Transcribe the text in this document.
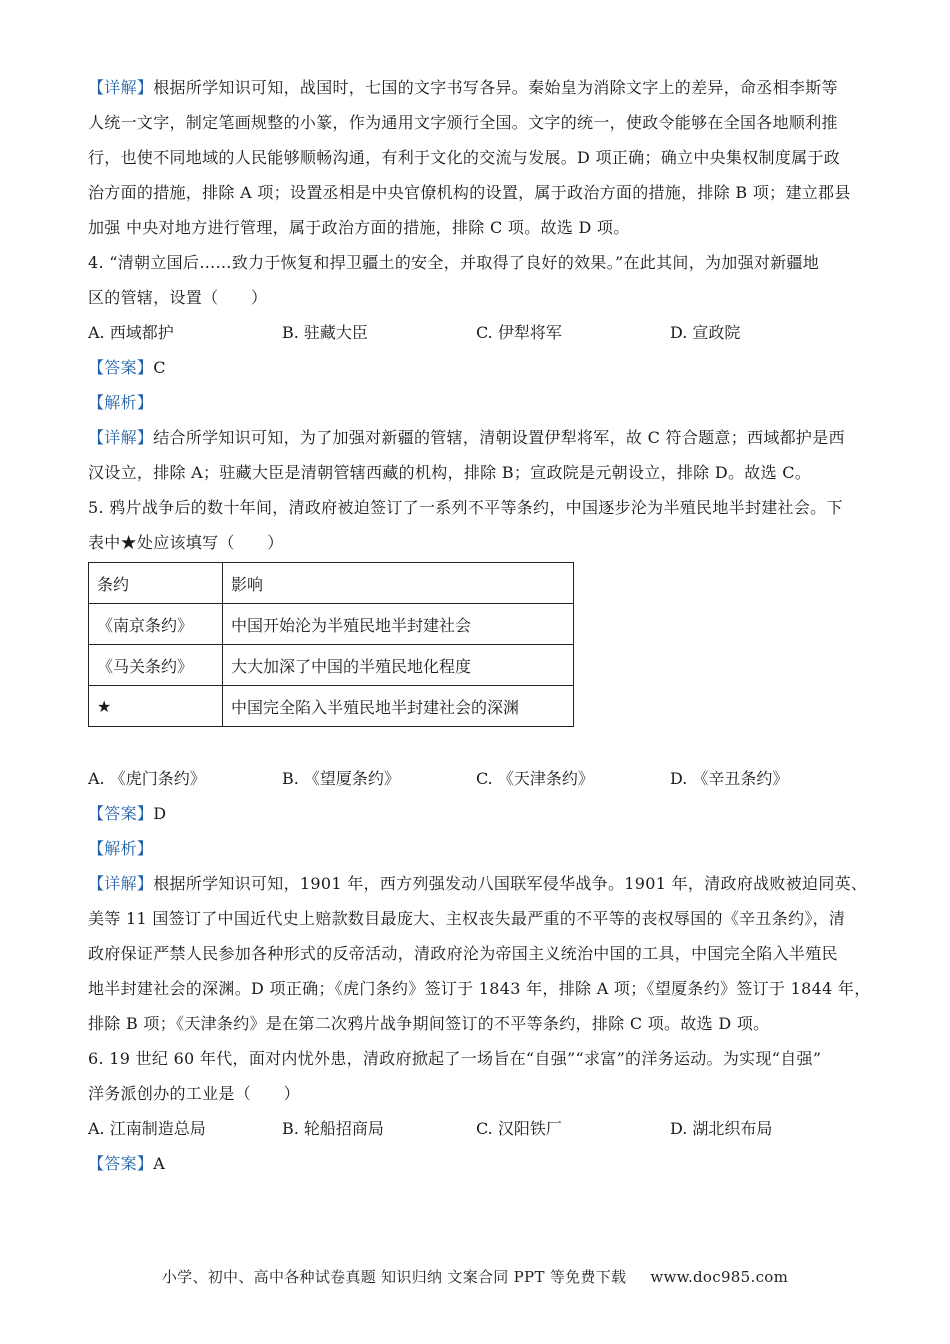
【详解】根据所学知识可知，战国时，七国的文字书写各异。秦始皇为消除文字上的差异，命丞相李斯等
人统一文字，制定笔画规整的小篆，作为通用文字颁行全国。文字的统一，使政令能够在全国各地顺利推
行，也使不同地域的人民能够顺畅沟通，有利于文化的交流与发展。D 项正确；确立中央集权制度属于政
治方面的措施，排除 A 项；设置丞相是中央官僚机构的设置，属于政治方面的措施，排除 B 项；建立郡县
加强 中央对地方进行管理，属于政治方面的措施，排除 C 项。故选 D 项。
4. “清朝立国后……致力于恢复和捍卫疆土的安全，并取得了良好的效果。”在此其间，为加强对新疆地
区的管辖，设置（　　）
A. 西域都护	B. 驻藏大臣	C. 伊犁将军	D. 宣政院
【答案】C
【解析】
【详解】结合所学知识可知，为了加强对新疆的管辖，清朝设置伊犁将军，故 C 符合题意；西域都护是西
汉设立，排除 A；驻藏大臣是清朝管辖西藏的机构，排除 B；宣政院是元朝设立，排除 D。故选 C。
5. 鸦片战争后的数十年间，清政府被迫签订了一系列不平等条约，中国逐步沦为半殖民地半封建社会。下
表中★处应该填写（　　）
条约	影响
《南京条约》	中国开始沦为半殖民地半封建社会
《马关条约》	大大加深了中国的半殖民地化程度
★	中国完全陷入半殖民地半封建社会的深渊
A. 《虎门条约》	B. 《望厦条约》	C. 《天津条约》	D. 《辛丑条约》
【答案】D
【解析】
【详解】根据所学知识可知，1901 年，西方列强发动八国联军侵华战争。1901 年，清政府战败被迫同英、
美等 11 国签订了中国近代史上赔款数目最庞大、主权丧失最严重的不平等的丧权辱国的《辛丑条约》，清
政府保证严禁人民参加各种形式的反帝活动，清政府沦为帝国主义统治中国的工具，中国完全陷入半殖民
地半封建社会的深渊。D 项正确；《虎门条约》签订于 1843 年，排除 A 项；《望厦条约》签订于 1844 年，
排除 B 项；《天津条约》是在第二次鸦片战争期间签订的不平等条约，排除 C 项。故选 D 项。
6. 19 世纪 60 年代，面对内忧外患，清政府掀起了一场旨在“自强”“求富”的洋务运动。为实现“自强”
洋务派创办的工业是（　　）
A. 江南制造总局	B. 轮船招商局	C. 汉阳铁厂	D. 湖北织布局
【答案】A
小学、初中、高中各种试卷真题 知识归纳 文案合同 PPT 等免费下载 www.doc985.com
